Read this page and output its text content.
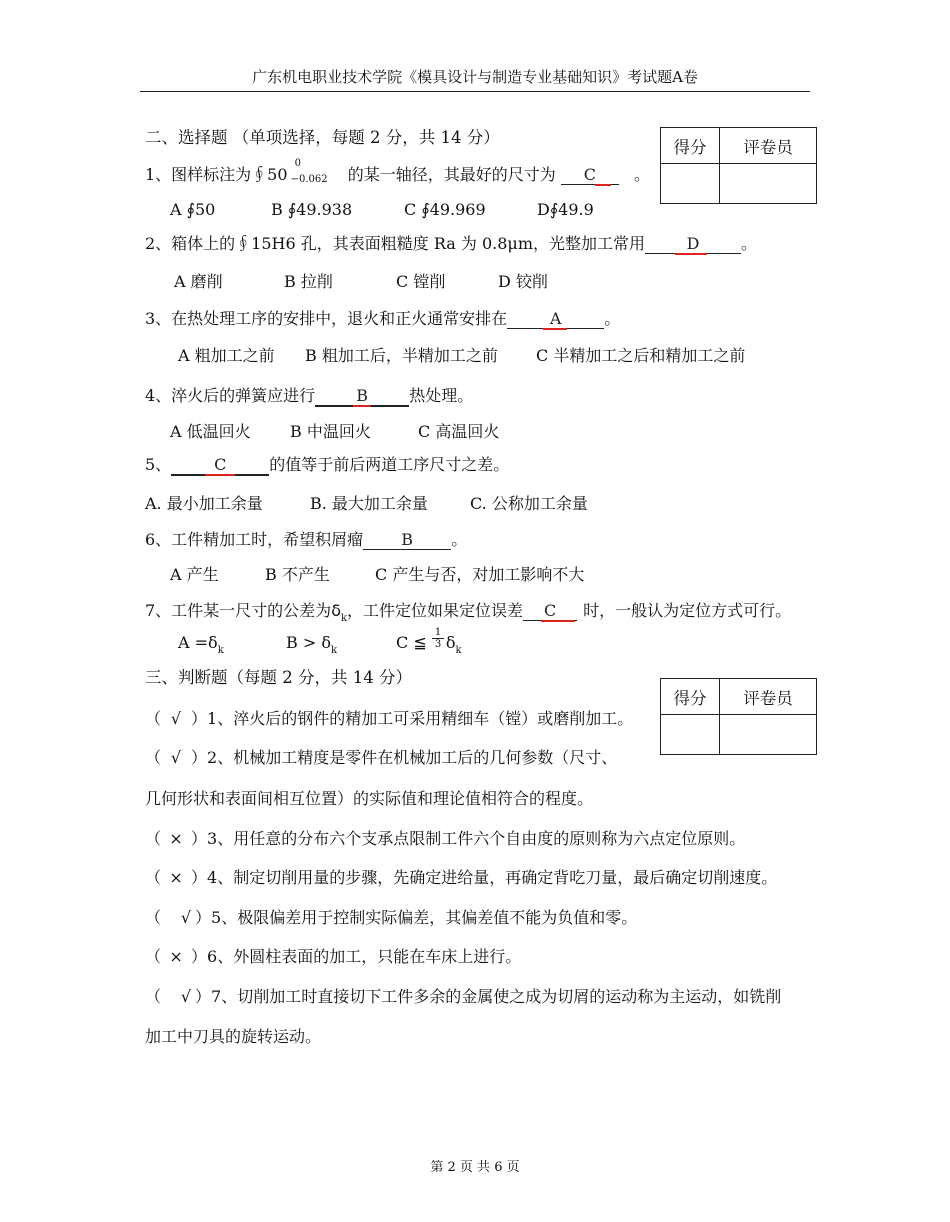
广东机电职业技术学院《模具设计与制造专业基础知识》考试题A卷
得分	评卷员

二、选择题 （单项选择，每题 2 分，共 14 分）
1、图样标注为∮50
0
−0.062 的某一轴径，其最好的尺寸为 C 。
A ∮50	B ∮49.938	C ∮49.969	D∮49.9
2、箱体上的∮15H6 孔，其表面粗糙度 Ra 为 0.8μm，光整加工常用	D	。
A 磨削	B 拉削	C 镗削	D 铰削
3、在热处理工序的安排中，退火和正火通常安排在	A	。
A 粗加工之前 B 粗加工后，半精加工之前 C 半精加工之后和精加工之前
4、淬火后的弹簧应进行	B	热处理。
A 低温回火 B 中温回火	C 高温回火
5、	C	的值等于前后两道工序尺寸之差。
A. 最小加工余量	B. 最大加工余量	C. 公称加工余量
6、工件精加工时，希望积屑瘤 B 。
A 产生	B 不产生	C 产生与否，对加工影响不大
7、工件某一尺寸的公差为$\delta_k$，工件定位如果定位误差 C 时，一般认为定位方式可行。
$A =\delta_k$	$B > \delta_k$	C ≦ $\frac{1}{3} \delta_k$
三、判断题（每题 2 分，共 14 分）
得分	评卷员

（ √ ）1、淬火后的钢件的精加工可采用精细车（镗）或磨削加工。
（ √ ）2、机械加工精度是零件在机械加工后的几何参数（尺寸、
几何形状和表面间相互位置）的实际值和理论值相符合的程度。
（ × ）3、用任意的分布六个支承点限制工件六个自由度的原则称为六点定位原则。
（ × ）4、制定切削用量的步骤，先确定进给量，再确定背吃刀量，最后确定切削速度。
（ √ ）5、极限偏差用于控制实际偏差，其偏差值不能为负值和零。
（ × ）6、外圆柱表面的加工，只能在车床上进行。
（ √ ）7、切削加工时直接切下工件多余的金属使之成为切屑的运动称为主运动，如铣削
加工中刀具的旋转运动。
第 2 页 共 6 页
